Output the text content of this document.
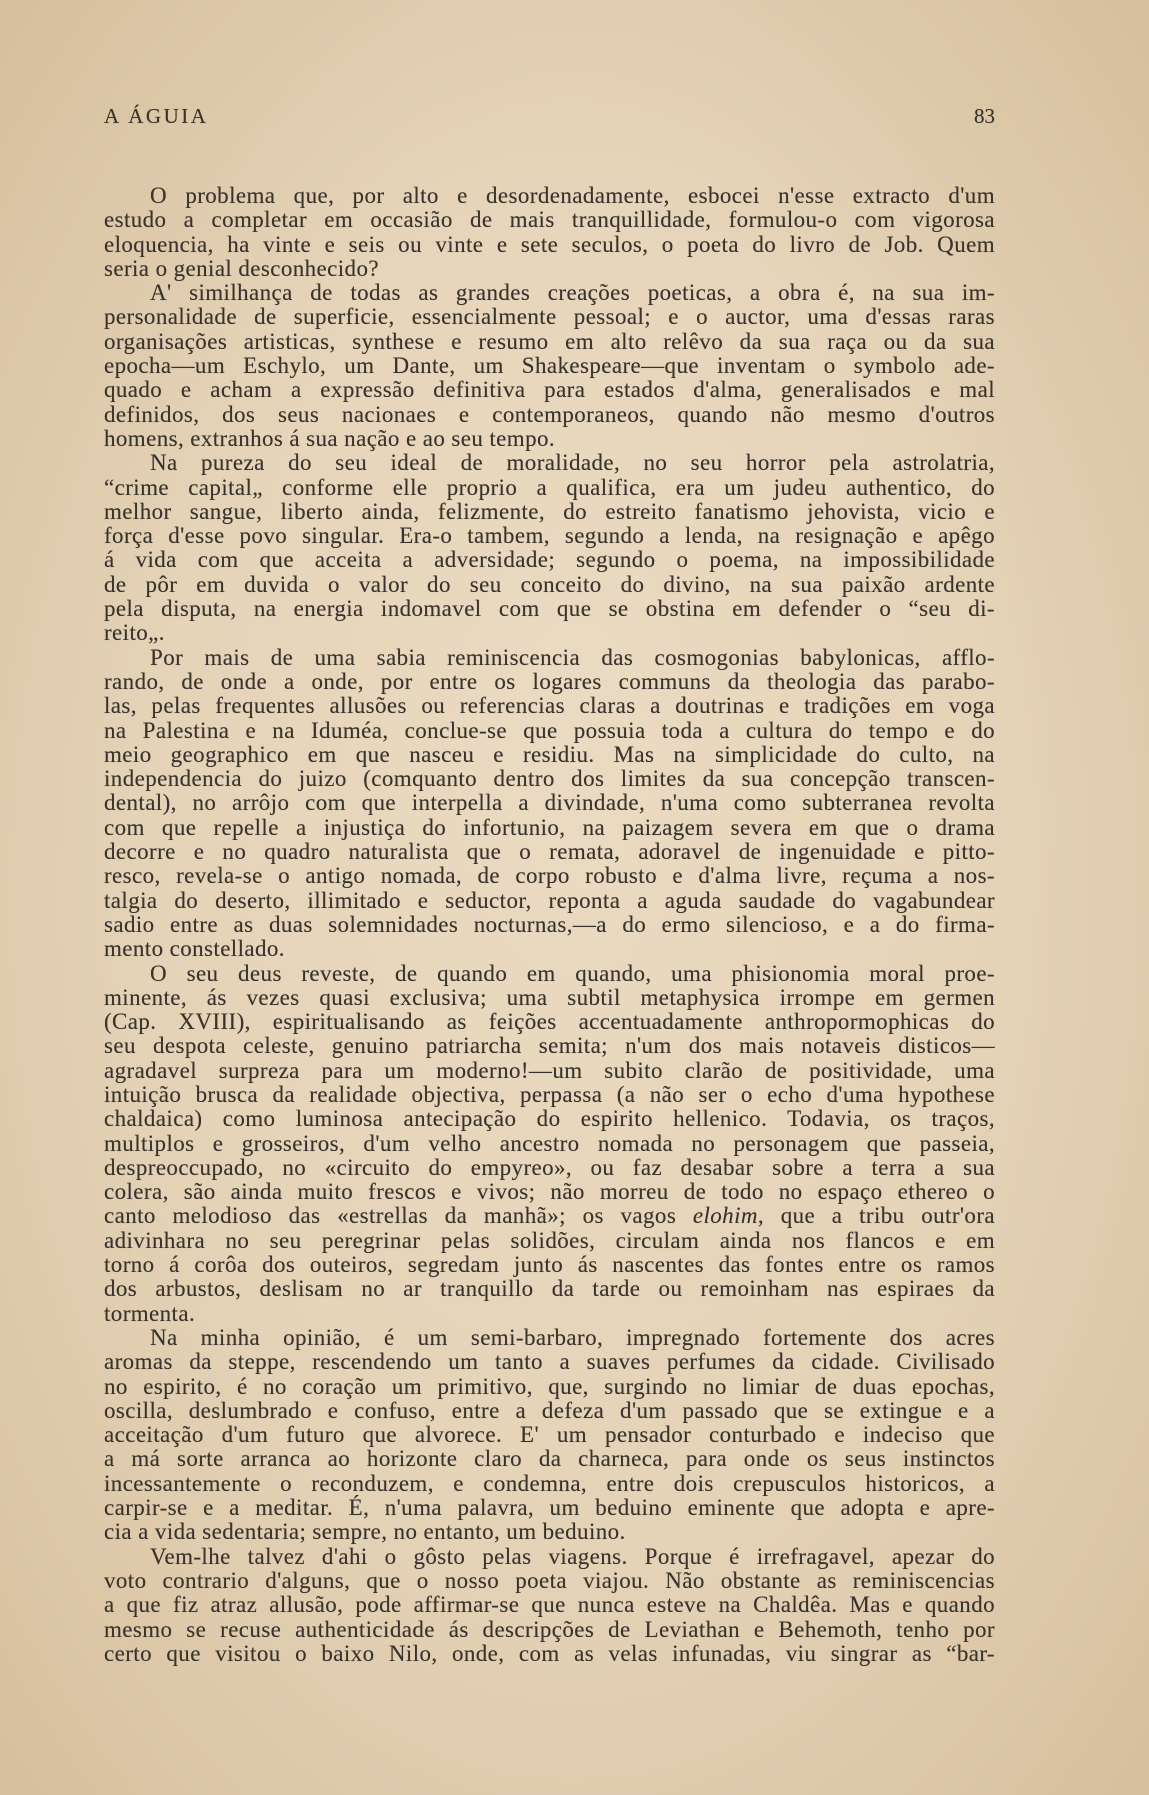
A ÁGUIA	83
O problema que, por alto e desordenadamente, esbocei n'esse extracto d'um
estudo a completar em occasião de mais tranquillidade, formulou-o com vigorosa
eloquencia, ha vinte e seis ou vinte e sete seculos, o poeta do livro de Job. Quem
seria o genial desconhecido?
A' similhança de todas as grandes creações poeticas, a obra é, na sua im-
personalidade de superficie, essencialmente pessoal; e o auctor, uma d'essas raras
organisações artisticas, synthese e resumo em alto relêvo da sua raça ou da sua
epocha—um Eschylo, um Dante, um Shakespeare—que inventam o symbolo ade-
quado e acham a expressão definitiva para estados d'alma, generalisados e mal
definidos, dos seus nacionaes e contemporaneos, quando não mesmo d'outros
homens, extranhos á sua nação e ao seu tempo.
Na pureza do seu ideal de moralidade, no seu horror pela astrolatria,
“crime capital„ conforme elle proprio a qualifica, era um judeu authentico, do
melhor sangue, liberto ainda, felizmente, do estreito fanatismo jehovista, vicio e
força d'esse povo singular. Era-o tambem, segundo a lenda, na resignação e apêgo
á vida com que acceita a adversidade; segundo o poema, na impossibilidade
de pôr em duvida o valor do seu conceito do divino, na sua paixão ardente
pela disputa, na energia indomavel com que se obstina em defender o “seu di-
reito„.
Por mais de uma sabia reminiscencia das cosmogonias babylonicas, afflo-
rando, de onde a onde, por entre os logares communs da theologia das parabo-
las, pelas frequentes allusões ou referencias claras a doutrinas e tradições em voga
na Palestina e na Iduméa, conclue-se que possuia toda a cultura do tempo e do
meio geographico em que nasceu e residiu. Mas na simplicidade do culto, na
independencia do juizo (comquanto dentro dos limites da sua concepção transcen-
dental), no arrôjo com que interpella a divindade, n'uma como subterranea revolta
com que repelle a injustiça do infortunio, na paizagem severa em que o drama
decorre e no quadro naturalista que o remata, adoravel de ingenuidade e pitto-
resco, revela-se o antigo nomada, de corpo robusto e d'alma livre, reçuma a nos-
talgia do deserto, illimitado e seductor, reponta a aguda saudade do vagabundear
sadio entre as duas solemnidades nocturnas,—a do ermo silencioso, e a do firma-
mento constellado.
O seu deus reveste, de quando em quando, uma phisionomia moral proe-
minente, ás vezes quasi exclusiva; uma subtil metaphysica irrompe em germen
(Cap. XVIII), espiritualisando as feições accentuadamente anthropormophicas do
seu despota celeste, genuino patriarcha semita; n'um dos mais notaveis disticos—
agradavel surpreza para um moderno!—um subito clarão de positividade, uma
intuição brusca da realidade objectiva, perpassa (a não ser o echo d'uma hypothese
chaldaica) como luminosa antecipação do espirito hellenico. Todavia, os traços,
multiplos e grosseiros, d'um velho ancestro nomada no personagem que passeia,
despreoccupado, no «circuito do empyreo», ou faz desabar sobre a terra a sua
colera, são ainda muito frescos e vivos; não morreu de todo no espaço ethereo o
canto melodioso das «estrellas da manhã»; os vagos elohim, que a tribu outr'ora
adivinhara no seu peregrinar pelas solidões, circulam ainda nos flancos e em
torno á corôa dos outeiros, segredam junto ás nascentes das fontes entre os ramos
dos arbustos, deslisam no ar tranquillo da tarde ou remoinham nas espiraes da
tormenta.
Na minha opinião, é um semi-barbaro, impregnado fortemente dos acres
aromas da steppe, rescendendo um tanto a suaves perfumes da cidade. Civilisado
no espirito, é no coração um primitivo, que, surgindo no limiar de duas epochas,
oscilla, deslumbrado e confuso, entre a defeza d'um passado que se extingue e a
acceitação d'um futuro que alvorece. E' um pensador conturbado e indeciso que
a má sorte arranca ao horizonte claro da charneca, para onde os seus instinctos
incessantemente o reconduzem, e condemna, entre dois crepusculos historicos, a
carpir-se e a meditar. É, n'uma palavra, um beduino eminente que adopta e apre-
cia a vida sedentaria; sempre, no entanto, um beduino.
Vem-lhe talvez d'ahi o gôsto pelas viagens. Porque é irrefragavel, apezar do
voto contrario d'alguns, que o nosso poeta viajou. Não obstante as reminiscencias
a que fiz atraz allusão, pode affirmar-se que nunca esteve na Chaldêa. Mas e quando
mesmo se recuse authenticidade ás descripções de Leviathan e Behemoth, tenho por
certo que visitou o baixo Nilo, onde, com as velas infunadas, viu singrar as “bar-
